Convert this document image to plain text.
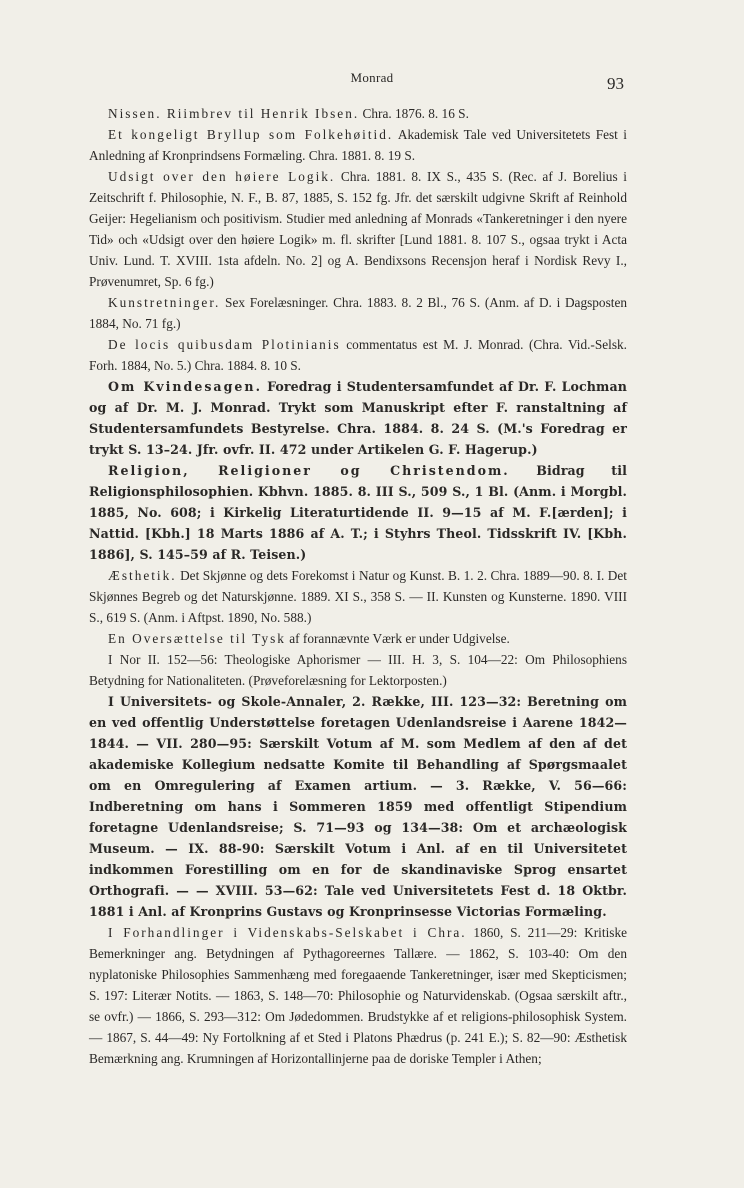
Monrad	93

Nissen. Riimbrev til Henrik Ibsen. Chra. 1876. 8. 16 S.

Et kongeligt Bryllup som Folkehøitid. Akademisk Tale ved Universitetets Fest i Anledning af Kronprindsens Formæling. Chra. 1881. 8. 19 S.

Udsigt over den høiere Logik. Chra. 1881. 8. IX S., 435 S. (Rec. af J. Borelius i Zeitschrift f. Philosophie, N. F., B. 87, 1885, S. 152 fg. Jfr. det særskilt udgivne Skrift af Reinhold Geijer: Hegelianism och positivism. Studier med anledning af Monrads «Tankeretninger i den nyere Tid» och «Udsigt over den høiere Logik» m. fl. skrifter [Lund 1881. 8. 107 S., ogsaa trykt i Acta Univ. Lund. T. XVIII. 1sta afdeln. No. 2] og A. Bendixsons Recensjon heraf i Nordisk Revy I., Prøvenumret, Sp. 6 fg.)

Kunstretninger. Sex Forelæsninger. Chra. 1883. 8. 2 Bl., 76 S. (Anm. af D. i Dagsposten 1884, No. 71 fg.)

De locis quibusdam Plotinianis commentatus est M. J. Monrad. (Chra. Vid.-Selsk. Forh. 1884, No. 5.) Chra. 1884. 8. 10 S.

Om Kvindesagen. Foredrag i Studentersamfundet af Dr. F. Lochman og af Dr. M. J. Monrad. Trykt som Manuskript efter F. ranstaltning af Studentersamfundets Bestyrelse. Chra. 1884. 8. 24 S. (M.'s Foredrag er trykt S. 13–24. Jfr. ovfr. II. 472 under Artikelen G. F. Hagerup.)

Religion, Religioner og Christendom. Bidrag til Religionsphilosophien. Kbhvn. 1885. 8. III S., 509 S., 1 Bl. (Anm. i Morgbl. 1885, No. 608; i Kirkelig Literaturtidende II. 9—15 af M. F.[ærden]; i Nattid. [Kbh.] 18 Marts 1886 af A. T.; i Styhrs Theol. Tidsskrift IV. [Kbh. 1886], S. 145–59 af R. Teisen.)

Æsthetik. Det Skjønne og dets Forekomst i Natur og Kunst. B. 1. 2. Chra. 1889—90. 8. I. Det Skjønnes Begreb og det Naturskjønne. 1889. XI S., 358 S. — II. Kunsten og Kunsterne. 1890. VIII S., 619 S. (Anm. i Aftpst. 1890, No. 588.)

En Oversættelse til Tysk af forannævnte Værk er under Udgivelse.

I Nor II. 152—56: Theologiske Aphorismer — III. H. 3, S. 104—22: Om Philosophiens Betydning for Nationaliteten. (Prøveforelæsning for Lektorposten.)

I Universitets- og Skole-Annaler, 2. Række, III. 123—32: Beretning om en ved offentlig Understøttelse foretagen Udenlandsreise i Aarene 1842—1844. — VII. 280—95: Særskilt Votum af M. som Medlem af den af det akademiske Kollegium nedsatte Komite til Behandling af Spørgsmaalet om en Omregulering af Examen artium. — 3. Række, V. 56—66: Indberetning om hans i Sommeren 1859 med offentligt Stipendium foretagne Udenlandsreise; S. 71—93 og 134—38: Om et archæologisk Museum. — IX. 88-90: Særskilt Votum i Anl. af en til Universitetet indkommen Forestilling om en for de skandinaviske Sprog ensartet Orthografi. — — XVIII. 53—62: Tale ved Universitetets Fest d. 18 Oktbr. 1881 i Anl. af Kronprins Gustavs og Kronprinsesse Victorias Formæling.

I Forhandlinger i Videnskabs-Selskabet i Chra. 1860, S. 211—29: Kritiske Bemerkninger ang. Betydningen af Pythagoreernes Tallære. — 1862, S. 103-40: Om den nyplatoniske Philosophies Sammenhæng med foregaaende Tankeretninger, især med Skepticismen; S. 197: Literær Notits. — 1863, S. 148—70: Philosophie og Naturvidenskab. (Ogsaa særskilt aftr., se ovfr.) — 1866, S. 293—312: Om Jødedommen. Brudstykke af et religions-philosophisk System. — 1867, S. 44—49: Ny Fortolkning af et Sted i Platons Phædrus (p. 241 E.); S. 82—90: Æsthetisk Bemærkning ang. Krumningen af Horizontallinjerne paa de doriske Templer i Athen;
